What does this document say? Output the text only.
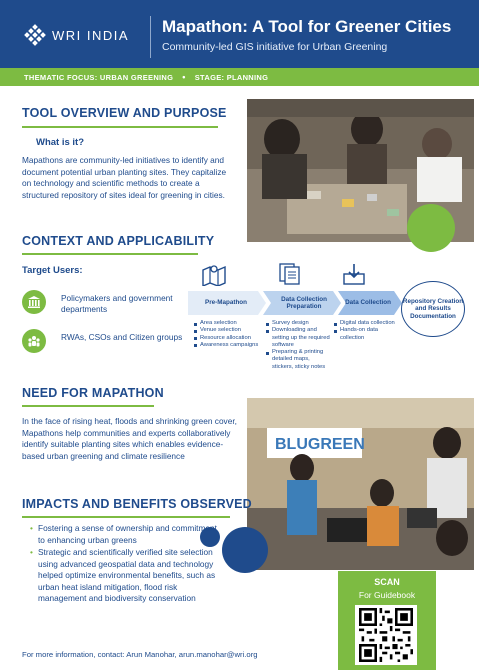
WRI INDIA Mapathon: A Tool for Greener Cities
Community-led GIS initiative for Urban Greening
THEMATIC FOCUS: URBAN GREENING • STAGE: PLANNING
TOOL OVERVIEW AND PURPOSE
What is it?
Mapathons are community-led initiatives to identify and document potential urban planting sites. They capitalize on technology and scientific methods to create a structured repository of sites ideal for greening in cities.
CONTEXT AND APPLICABILITY
Target Users:
Policymakers and government departments
RWAs, CSOs and Citizen groups
Pre-Mapathon
Data Collection Preparation
Data Collection
Area selection
Venue selection
Resource allocation
Awareness campaigns
Survey design
Downloading and setting up the required software
Preparing & printing detailed maps, stickers, sticky notes
Digital data collection
Hands-on data collection
Repository Creation and Results Documentation
NEED FOR MAPATHON
In the face of rising heat, floods and shrinking green cover, Mapathons help communities and experts collaboratively identify suitable planting sites which enables evidence-based urban greening and climate resilience
BLUGREEN
IMPACTS AND BENEFITS OBSERVED
• Fostering a sense of ownership and commitment to enhancing urban greens
• Strategic and scientifically verified site selection using advanced geospatial data and technology helped optimize environmental benefits, such as urban heat island mitigation, flood risk management and biodiversity conservation
SCAN
For Guidebook
For more information, contact: Arun Manohar, arun.manohar@wri.org
